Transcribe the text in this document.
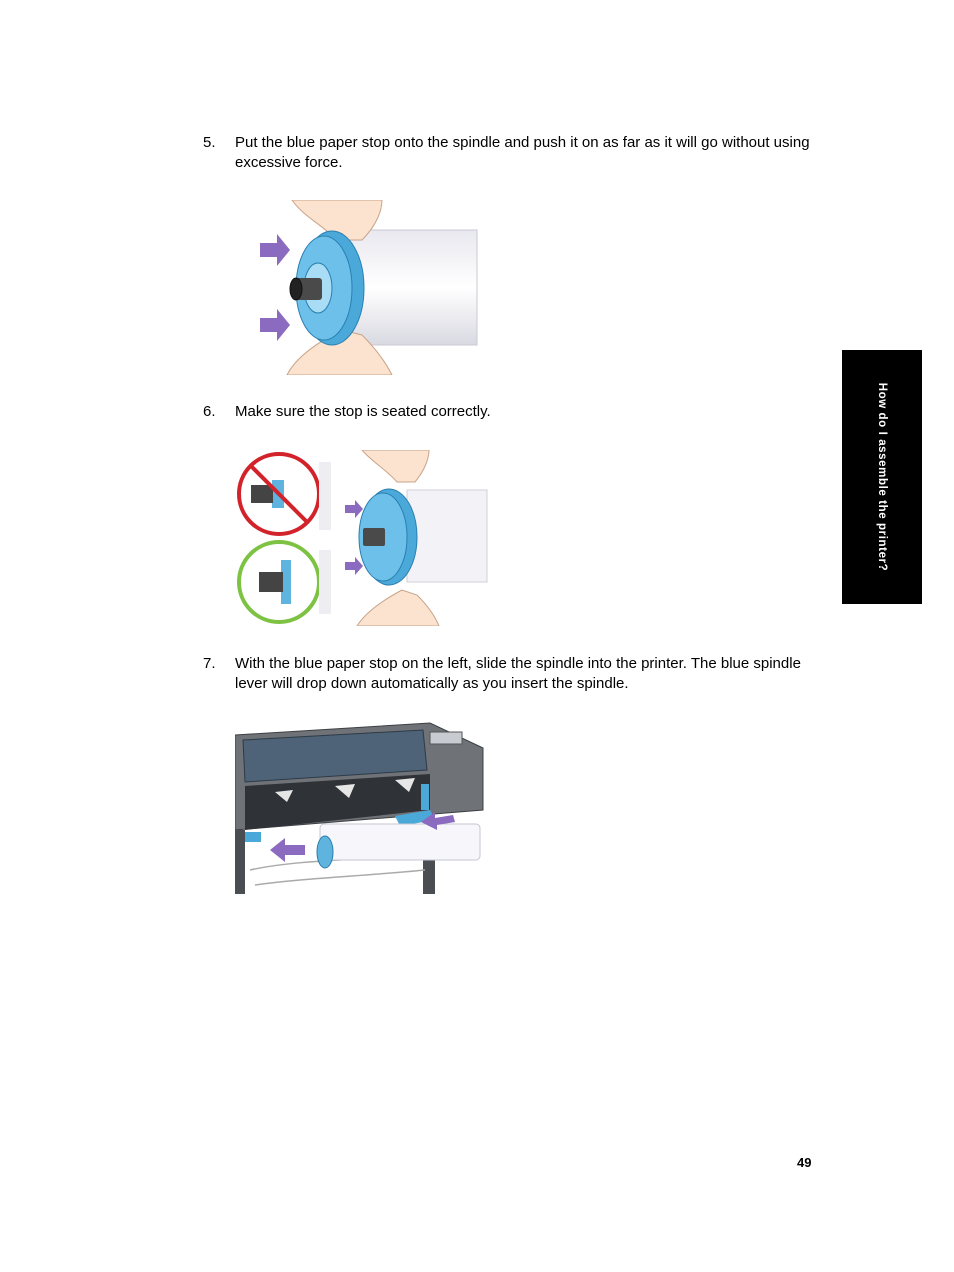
5. Put the blue paper stop onto the spindle and push it on as far as it will go without using excessive force.
6. Make sure the stop is seated correctly.
7. With the blue paper stop on the left, slide the spindle into the printer. The blue spindle lever will drop down automatically as you insert the spindle.
How do I assemble the printer?
49
